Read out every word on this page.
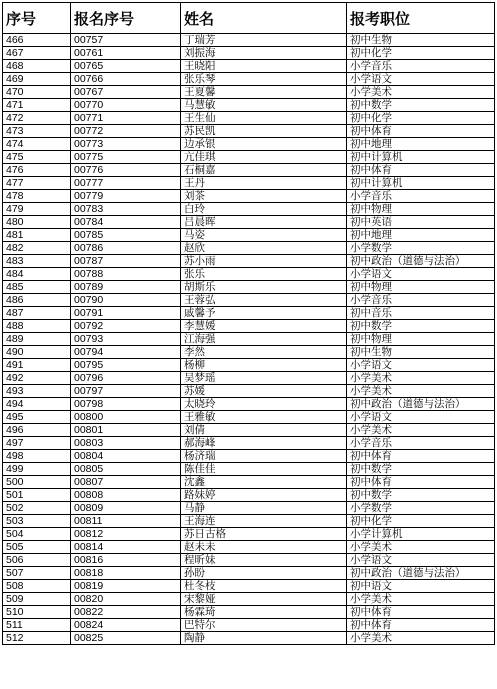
序号	报名序号	姓名	报考职位
466	00757	丁瑞芳	初中生物
467	00761	刘振海	初中化学
468	00765	王晓阳	小学音乐
469	00766	张乐琴	小学语文
470	00767	王夏馨	小学美术
471	00770	马慧敏	初中数学
472	00771	王生仙	初中化学
473	00772	苏民凯	初中体育
474	00773	边承银	初中地理
475	00775	亢佳琪	初中计算机
476	00776	石桐嘉	初中体育
477	00777	王丹	初中计算机
478	00779	刘茶	小学音乐
479	00783	白玲	初中物理
480	00784	吕晨晖	初中英语
481	00785	马姿	初中地理
482	00786	赵欣	小学数学
483	00787	苏小雨	初中政治（道德与法治）
484	00788	张乐	小学语文
485	00789	胡斯乐	初中物理
486	00790	王蓉弘	小学音乐
487	00791	戚馨予	初中音乐
488	00792	李慧媛	初中数学
489	00793	江海强	初中物理
490	00794	李然	初中生物
491	00795	杨柳	小学语文
492	00796	吴梦瑶	小学美术
493	00797	苏媛	小学美术
494	00798	太晓玲	初中政治（道德与法治）
495	00800	王雅敏	小学语文
496	00801	刘倩	小学美术
497	00803	郝海峰	小学音乐
498	00804	杨济瑞	初中体育
499	00805	陈佳佳	初中数学
500	00807	沈鑫	初中体育
501	00808	路妹婷	初中数学
502	00809	马静	小学数学
503	00811	王海连	初中化学
504	00812	苏日古格	小学计算机
505	00814	赵未未	小学美术
506	00816	程昕妹	小学语文
507	00818	孙盼	初中政治（道德与法治）
508	00819	杜冬枝	初中语文
509	00820	宋黎娅	小学美术
510	00822	杨霖琦	初中体育
511	00824	巴特尔	初中体育
512	00825	陶静	小学美术
